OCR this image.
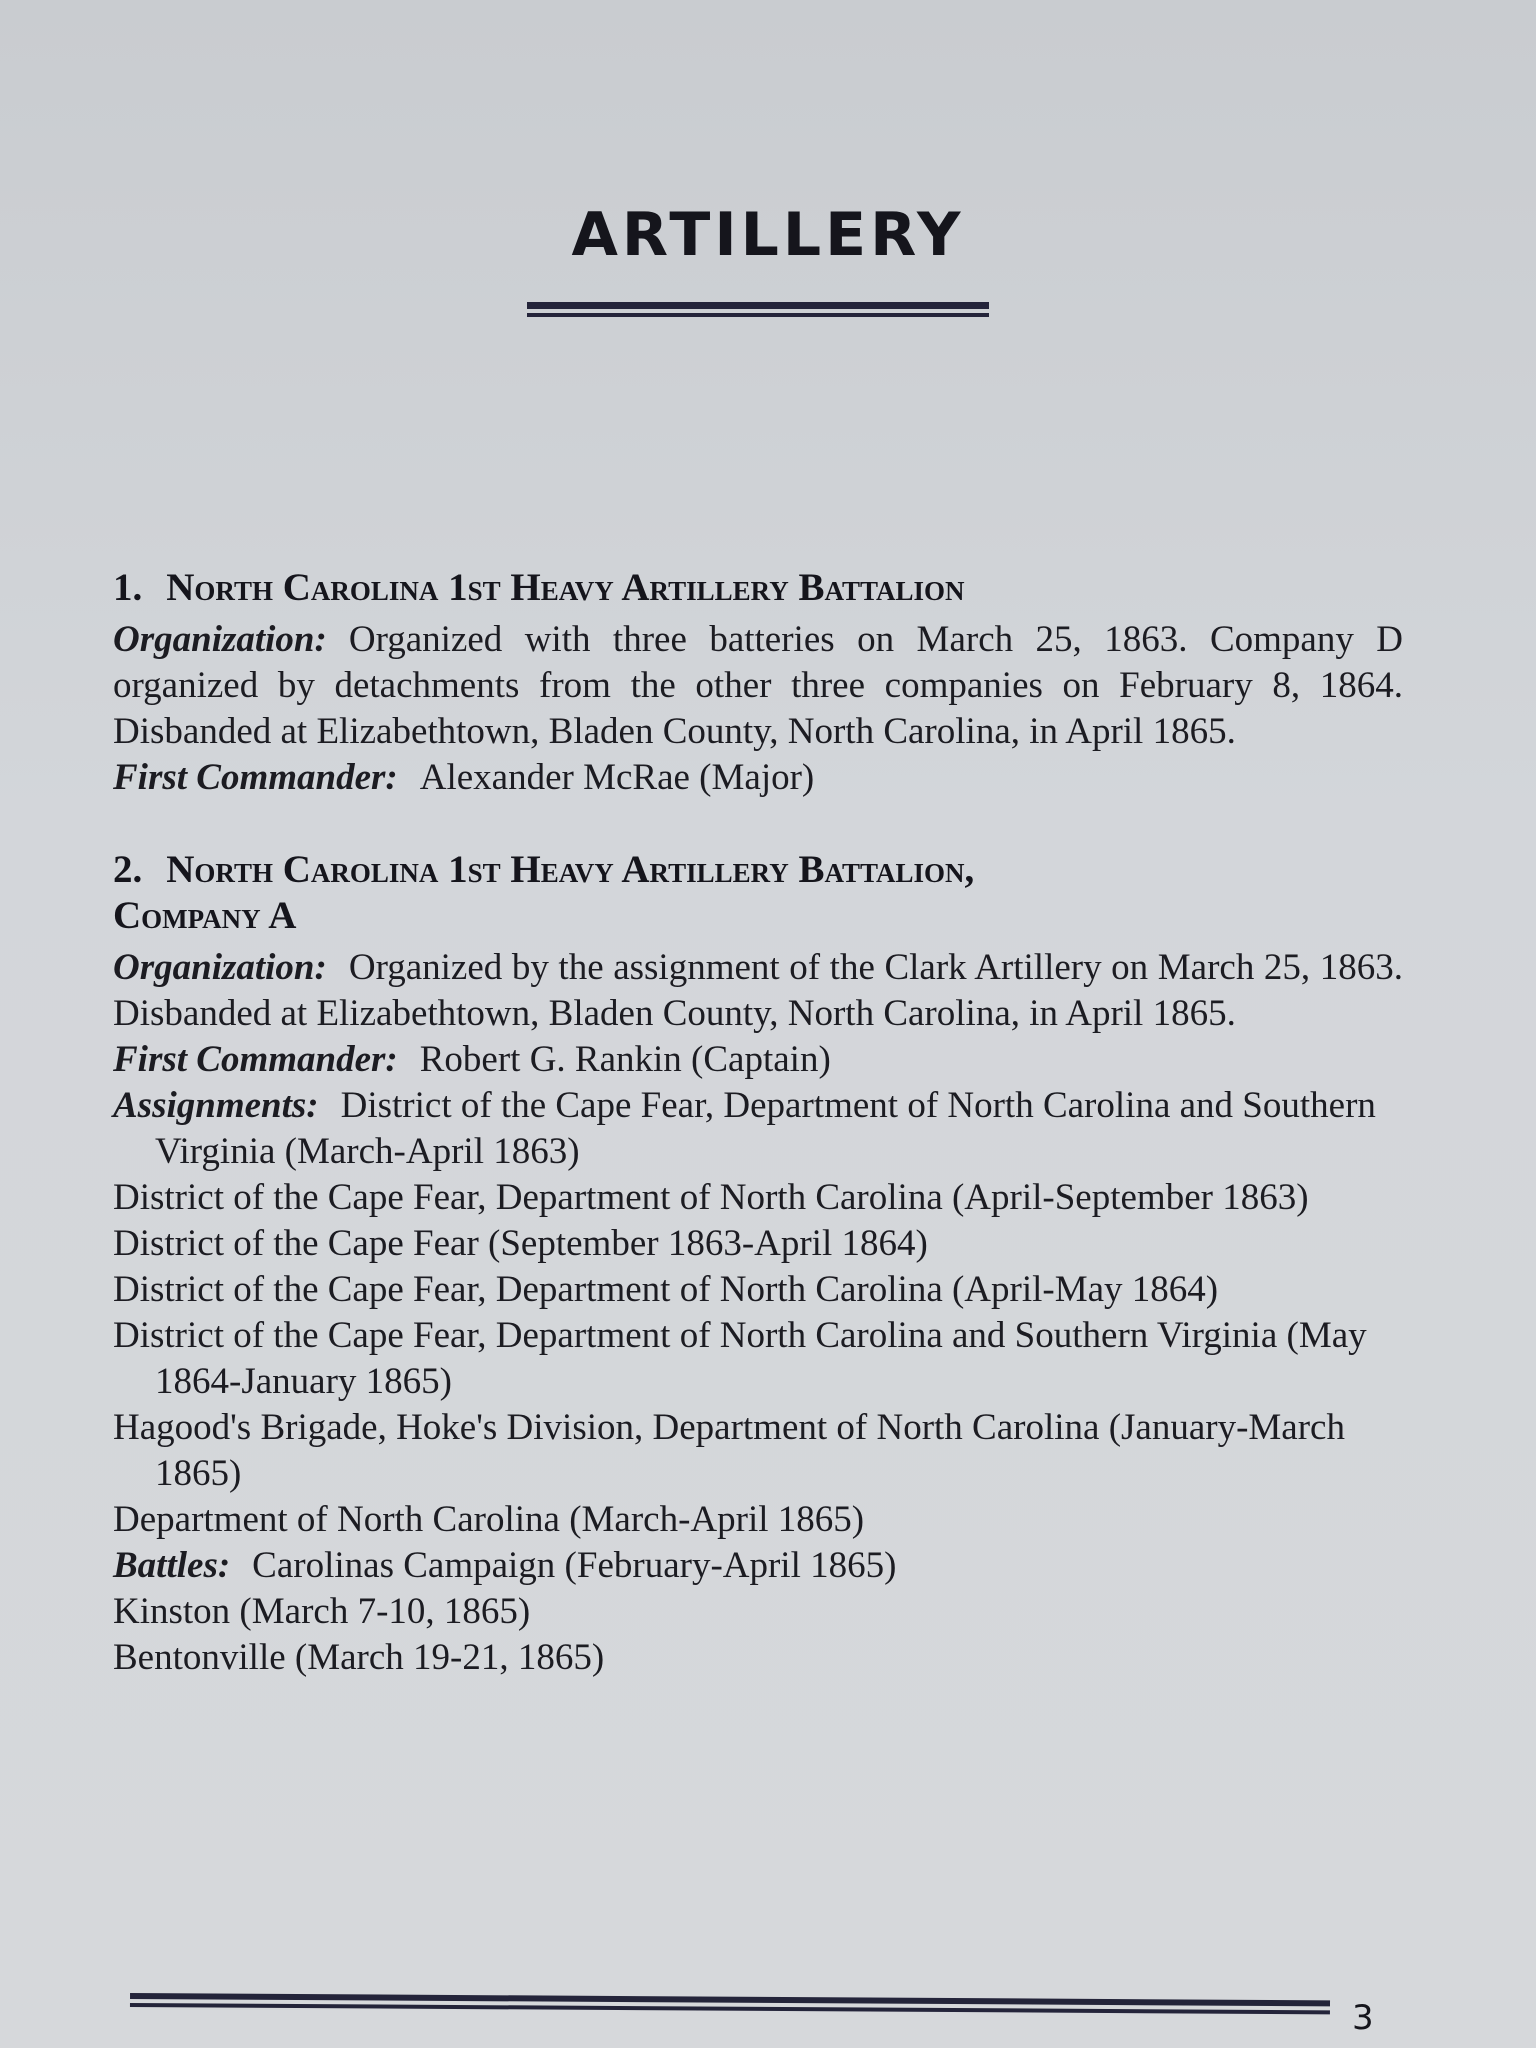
ARTILLERY
1. North Carolina 1st Heavy Artillery Battalion
Organization: Organized with three batteries on March 25, 1863. Company D organized by detachments from the other three companies on February 8, 1864. Disbanded at Elizabethtown, Bladen County, North Carolina, in April 1865.
First Commander: Alexander McRae (Major)
2. North Carolina 1st Heavy Artillery Battalion,
Company A
Organization: Organized by the assignment of the Clark Artillery on March 25, 1863. Disbanded at Elizabethtown, Bladen County, North Carolina, in April 1865.
First Commander: Robert G. Rankin (Captain)
Assignments: District of the Cape Fear, Department of North Carolina and Southern Virginia (March-April 1863)
District of the Cape Fear, Department of North Carolina (April-September 1863)
District of the Cape Fear (September 1863-April 1864)
District of the Cape Fear, Department of North Carolina (April-May 1864)
District of the Cape Fear, Department of North Carolina and Southern Virginia (May 1864-January 1865)
Hagood's Brigade, Hoke's Division, Department of North Carolina (January-March 1865)
Department of North Carolina (March-April 1865)
Battles: Carolinas Campaign (February-April 1865)
Kinston (March 7-10, 1865)
Bentonville (March 19-21, 1865)
3
